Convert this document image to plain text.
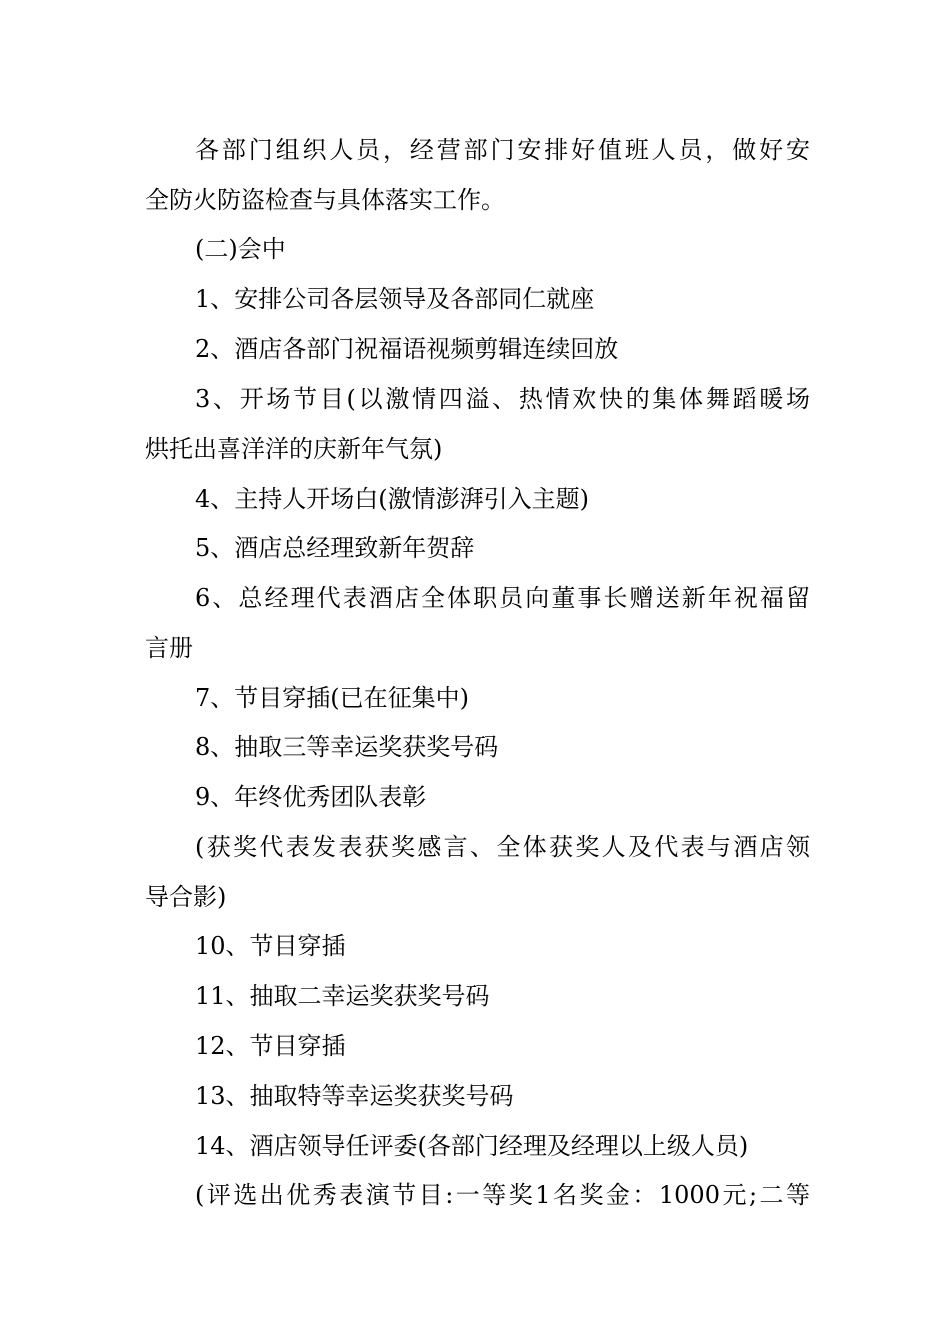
各部门组织人员，经营部门安排好值班人员，做好安
全防火防盗检查与具体落实工作。
(二)会中
1、安排公司各层领导及各部同仁就座
2、酒店各部门祝福语视频剪辑连续回放
3、开场节目(以激情四溢、热情欢快的集体舞蹈暖场
烘托出喜洋洋的庆新年气氛)
4、主持人开场白(激情澎湃引入主题)
5、酒店总经理致新年贺辞
6、总经理代表酒店全体职员向董事长赠送新年祝福留
言册
7、节目穿插(已在征集中)
8、抽取三等幸运奖获奖号码
9、年终优秀团队表彰
(获奖代表发表获奖感言、全体获奖人及代表与酒店领
导合影)
10、节目穿插
11、抽取二幸运奖获奖号码
12、节目穿插
13、抽取特等幸运奖获奖号码
14、酒店领导任评委(各部门经理及经理以上级人员)
(评选出优秀表演节目:一等奖1名奖金：1000元;二等
